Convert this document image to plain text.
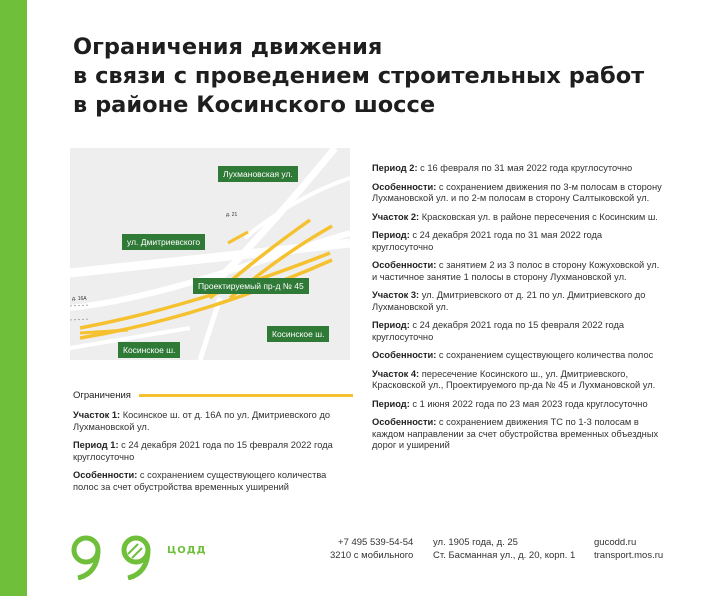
Ограничения движения
в связи с проведением строительных работ
в районе Косинского шоссе
Лухмановская ул.
ул. Дмитриевского
Проектируемый пр-д № 45
Косинское ш.
Косинское ш.
д. 21
д. 16А
Ограничения
Участок 1: Косинское ш. от д. 16А по ул. Дмитриевского до Лухмановской ул.
Период 1: с 24 декабря 2021 года по 15 февраля 2022 года круглосуточно
Особенности: с сохранением существующего количества полос за счет обустройства временных уширений
Период 2: с 16 февраля по 31 мая 2022 года круглосуточно
Особенности: с сохранением движения по 3-м полосам в сторону Лухмановской ул. и по 2-м полосам в сторону Салтыковской ул.
Участок 2: Красковская ул. в районе пересечения с Косинским ш.
Период: с 24 декабря 2021 года по 31 мая 2022 года круглосуточно
Особенности: с занятием 2 из 3 полос в сторону Кожуховской ул. и частичное занятие 1 полосы в сторону Лухмановской ул.
Участок 3: ул. Дмитриевского от д. 21 по ул. Дмитриевского до Лухмановской ул.
Период: с 24 декабря 2021 года по 15 февраля 2022 года круглосуточно
Особенности: с сохранением существующего количества полос
Участок 4: пересечение Косинского ш., ул. Дмитриевского, Красковской ул., Проектируемого пр-да № 45 и Лухмановской ул.
Период: с 1 июня 2022 года по 23 мая 2023 года круглосуточно
Особенности: с сохранением движения ТС по 1-3 полосам в каждом направлении за счет обустройства временных объездных дорог и уширений
ЦОДД
+7 495 539-54-54
3210 с мобильного
ул. 1905 года, д. 25
Ст. Басманная ул., д. 20, корп. 1
gucodd.ru
transport.mos.ru
